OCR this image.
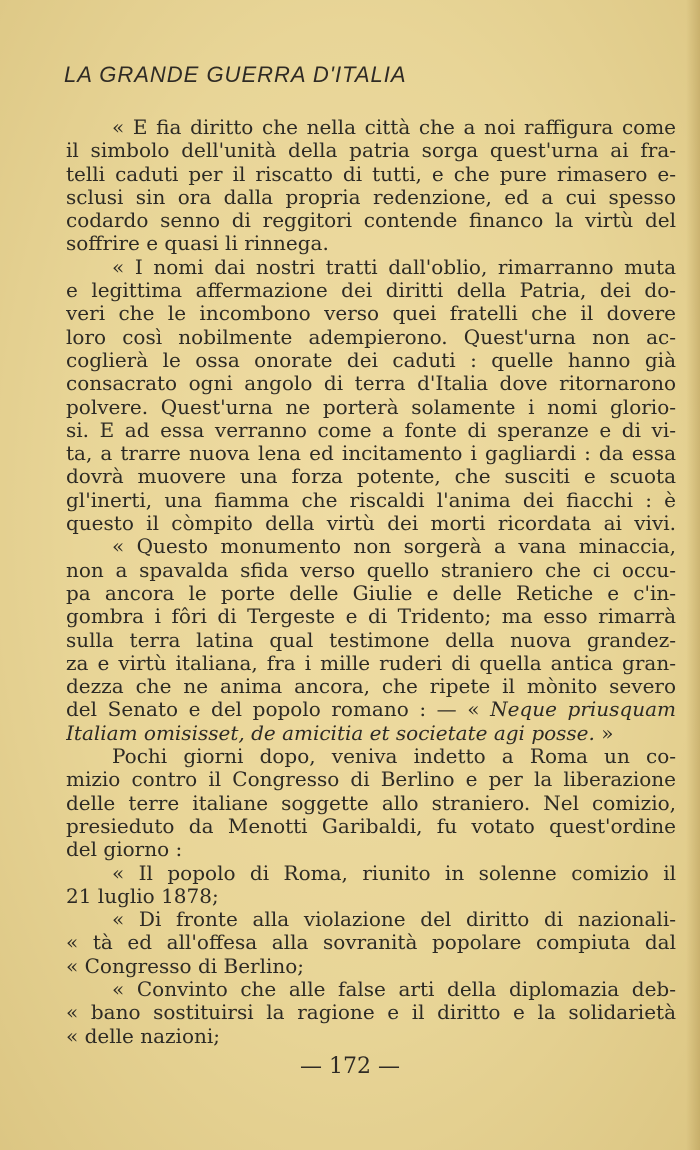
LA GRANDE GUERRA D'ITALIA
« E fia diritto che nella città che a noi raffigura come
il simbolo dell'unità della patria sorga quest'urna ai fra-
telli caduti per il riscatto di tutti, e che pure rimasero e-
sclusi sin ora dalla propria redenzione, ed a cui spesso
codardo senno di reggitori contende financo la virtù del
soffrire e quasi li rinnega.
« I nomi dai nostri tratti dall'oblio, rimarranno muta
e legittima affermazione dei diritti della Patria, dei do-
veri che le incombono verso quei fratelli che il dovere
loro così nobilmente adempierono. Quest'urna non ac-
coglierà le ossa onorate dei caduti : quelle hanno già
consacrato ogni angolo di terra d'Italia dove ritornarono
polvere. Quest'urna ne porterà solamente i nomi glorio-
si. E ad essa verranno come a fonte di speranze e di vi-
ta, a trarre nuova lena ed incitamento i gagliardi : da essa
dovrà muovere una forza potente, che susciti e scuota
gl'inerti, una fiamma che riscaldi l'anima dei fiacchi : è
questo il còmpito della virtù dei morti ricordata ai vivi.
« Questo monumento non sorgerà a vana minaccia,
non a spavalda sfida verso quello straniero che ci occu-
pa ancora le porte delle Giulie e delle Retiche e c'in-
gombra i fôri di Tergeste e di Tridento; ma esso rimarrà
sulla terra latina qual testimone della nuova grandez-
za e virtù italiana, fra i mille ruderi di quella antica gran-
dezza che ne anima ancora, che ripete il mònito severo
del Senato e del popolo romano : — « Neque priusquam
Italiam omisisset, de amicitia et societate agi posse. »
Pochi giorni dopo, veniva indetto a Roma un co-
mizio contro il Congresso di Berlino e per la liberazione
delle terre italiane soggette allo straniero. Nel comizio,
presieduto da Menotti Garibaldi, fu votato quest'ordine
del giorno :
« Il popolo di Roma, riunito in solenne comizio il
21 luglio 1878;
« Di fronte alla violazione del diritto di nazionali-
« tà ed all'offesa alla sovranità popolare compiuta dal
« Congresso di Berlino;
« Convinto che alle false arti della diplomazia deb-
« bano sostituirsi la ragione e il diritto e la solidarietà
« delle nazioni;
— 172 —
